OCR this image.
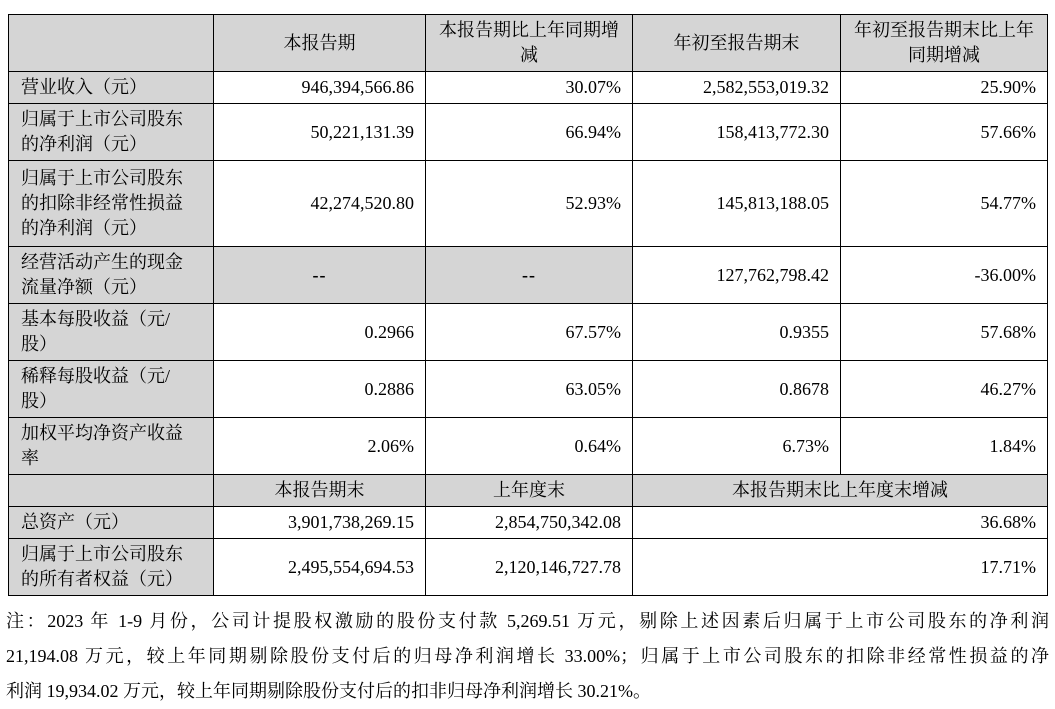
	本报告期	本报告期比上年同期增减	年初至报告期末	年初至报告期末比上年同期增减
营业收入（元）	946,394,566.86	30.07%	2,582,553,019.32	25.90%
归属于上市公司股东的净利润（元）	50,221,131.39	66.94%	158,413,772.30	57.66%
归属于上市公司股东的扣除非经常性损益的净利润（元）	42,274,520.80	52.93%	145,813,188.05	54.77%
经营活动产生的现金流量净额（元）	--	--	127,762,798.42	-36.00%
基本每股收益（元/股）	0.2966	67.57%	0.9355	57.68%
稀释每股收益（元/股）	0.2886	63.05%	0.8678	46.27%
加权平均净资产收益率	2.06%	0.64%	6.73%	1.84%
	本报告期末	上年度末	本报告期末比上年度末增减	
总资产（元）	3,901,738,269.15	2,854,750,342.08	36.68%	
归属于上市公司股东的所有者权益（元）	2,495,554,694.53	2,120,146,727.78	17.71%	
注：2023 年 1-9 月份，公司计提股权激励的股份支付款 5,269.51 万元，剔除上述因素后归属于上市公司股东的净利润
21,194.08 万元，较上年同期剔除股份支付后的归母净利润增长 33.00%；归属于上市公司股东的扣除非经常性损益的净
利润 19,934.02 万元，较上年同期剔除股份支付后的扣非归母净利润增长 30.21%。
